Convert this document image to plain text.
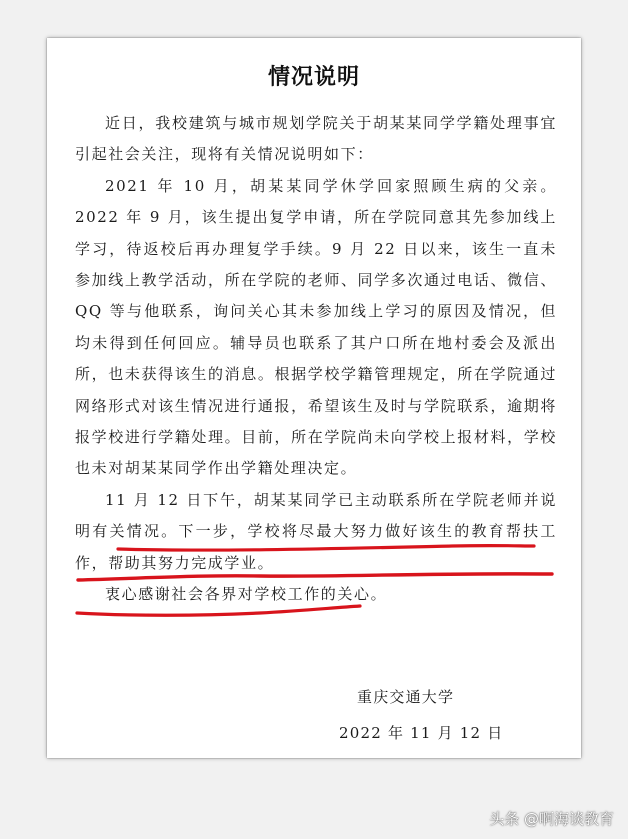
情况说明

近日，我校建筑与城市规划学院关于胡某某同学学籍处理事宜引起社会关注，现将有关情况说明如下：

2021 年 10 月，胡某某同学休学回家照顾生病的父亲。2022 年 9 月，该生提出复学申请，所在学院同意其先参加线上学习，待返校后再办理复学手续。9 月 22 日以来，该生一直未参加线上教学活动，所在学院的老师、同学多次通过电话、微信、QQ 等与他联系，询问关心其未参加线上学习的原因及情况，但均未得到任何回应。辅导员也联系了其户口所在地村委会及派出所，也未获得该生的消息。根据学校学籍管理规定，所在学院通过网络形式对该生情况进行通报，希望该生及时与学院联系，逾期将报学校进行学籍处理。目前，所在学院尚未向学校上报材料，学校也未对胡某某同学作出学籍处理决定。

11 月 12 日下午，胡某某同学已主动联系所在学院老师并说明有关情况。下一步，学校将尽最大努力做好该生的教育帮扶工作，帮助其努力完成学业。

衷心感谢社会各界对学校工作的关心。

重庆交通大学
2022 年 11 月 12 日
头条 @啊海谈教育
